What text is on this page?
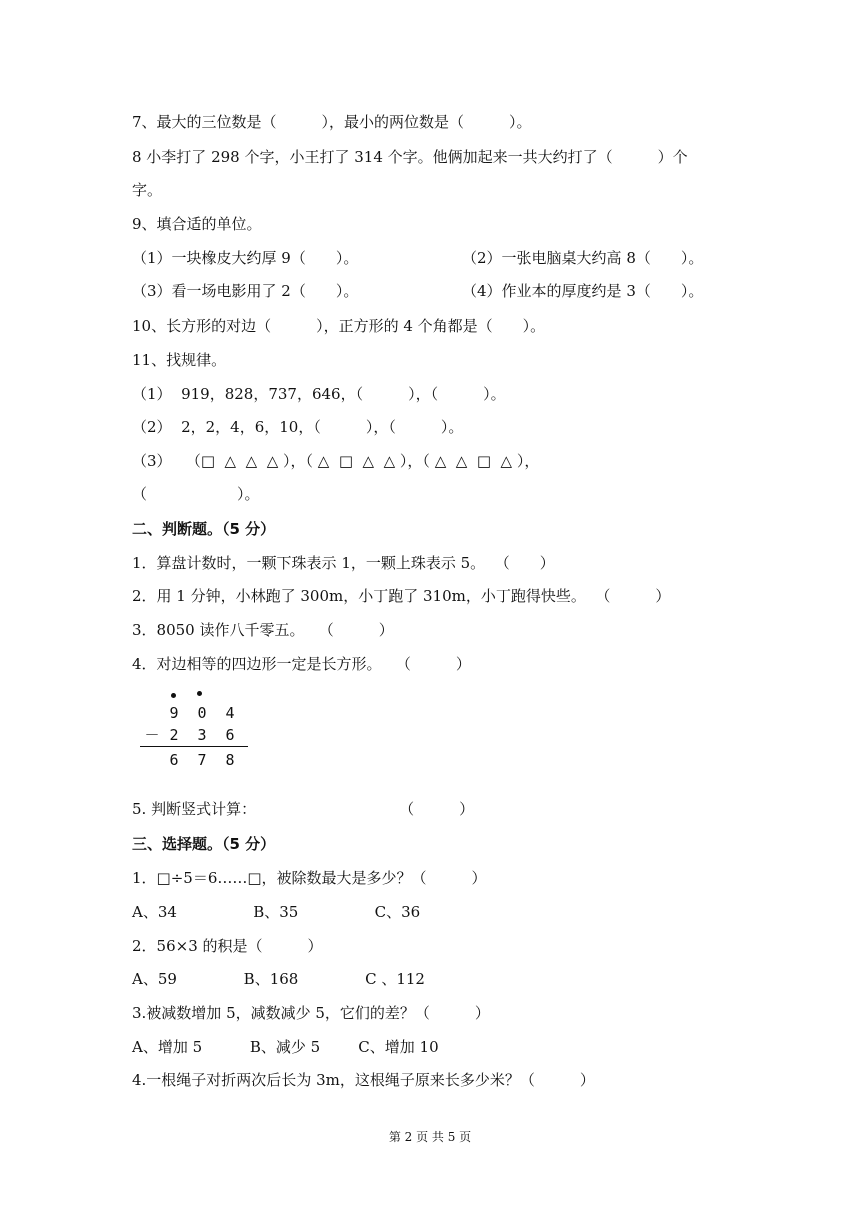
7、最大的三位数是（　　　），最小的两位数是（　　　）。
8 小李打了 298 个字，小王打了 314 个字。他俩加起来一共大约打了（　　　）个
字。
9、填合适的单位。
（1）一块橡皮大约厚 9（　　）。	（2）一张电脑桌大约高 8（　　）。
（3）看一场电影用了 2（　　）。	（4）作业本的厚度约是 3（　　）。
10、长方形的对边（　　　），正方形的 4 个角都是（　　）。
11、找规律。
（1）  919，828，737，646，（　　　），（　　　）。
（2）  2，2，4，6，10，（　　　），（　　　）。
（3）   （□  △  △  △ ），（ △  □  △  △ ），（ △  △  □  △ ），
（　　　　　　）。
二、判断题。（5 分）
1．算盘计数时，一颗下珠表示 1，一颗上珠表示 5。  （　　）
2．用 1 分钟，小林跑了 300m，小丁跑了 310m，小丁跑得快些。  （　　　）
3．8050 读作八千零五。   （　　　）
4．对边相等的四边形一定是长方形。   （　　　）
9	0	4
－ 2	3	6
6	7	8
5. 判断竖式计算：                              （　　　）
三、选择题。（5 分）
1．□÷5＝6……□，被除数最大是多少？（　　　）
A、34                B、35                C、36
2．56×3 的积是（　　　）
A、59              B、168              C 、112
3.被减数增加 5，减数减少 5，它们的差？（　　　）
A、增加 5          B、减少 5        C、增加 10
4.一根绳子对折两次后长为 3m，这根绳子原来长多少米？（　　　）
第 2 页 共 5 页
